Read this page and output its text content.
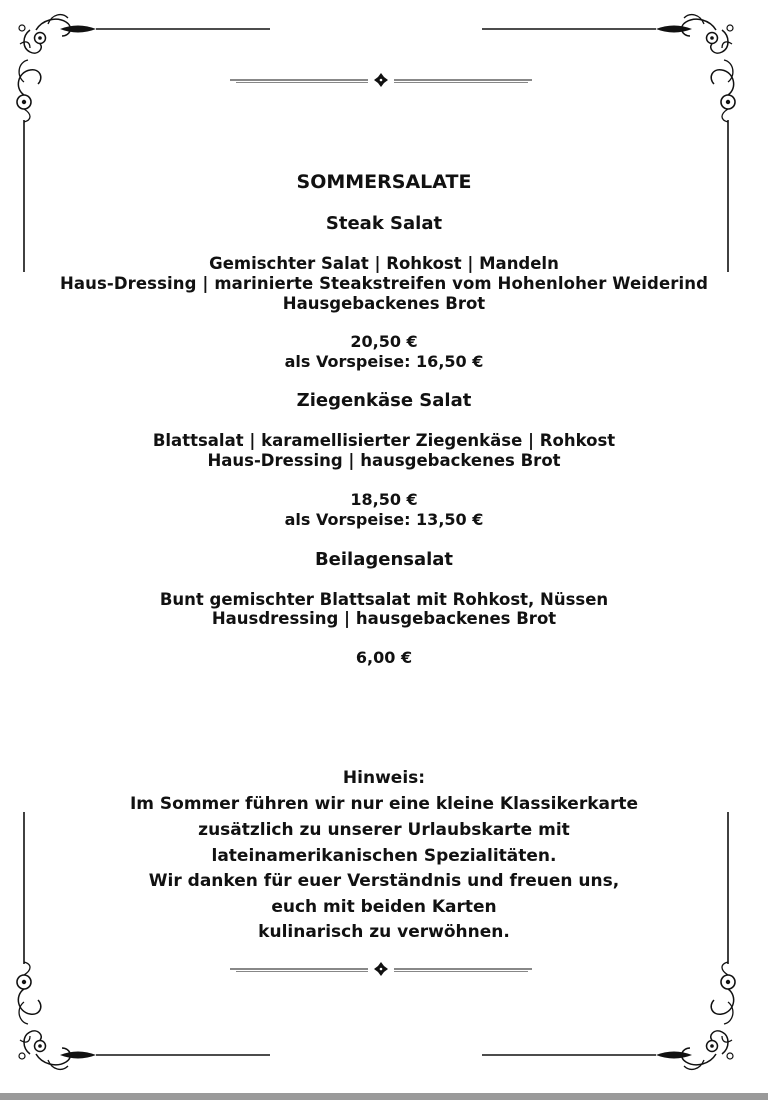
SOMMERSALATE
Steak Salat
Gemischter Salat | Rohkost | Mandeln
Haus-Dressing | marinierte Steakstreifen vom Hohenloher Weiderind
Hausgebackenes Brot
20,50 €
als Vorspeise: 16,50 €
Ziegenkäse Salat
Blattsalat | karamellisierter Ziegenkäse | Rohkost
Haus-Dressing | hausgebackenes Brot
18,50 €
als Vorspeise: 13,50 €
Beilagensalat
Bunt gemischter Blattsalat mit Rohkost, Nüssen
Hausdressing | hausgebackenes Brot
6,00 €
Hinweis:
Im Sommer führen wir nur eine kleine Klassikerkarte
zusätzlich zu unserer Urlaubskarte mit
lateinamerikanischen Spezialitäten.
Wir danken für euer Verständnis und freuen uns,
euch mit beiden Karten
kulinarisch zu verwöhnen.
